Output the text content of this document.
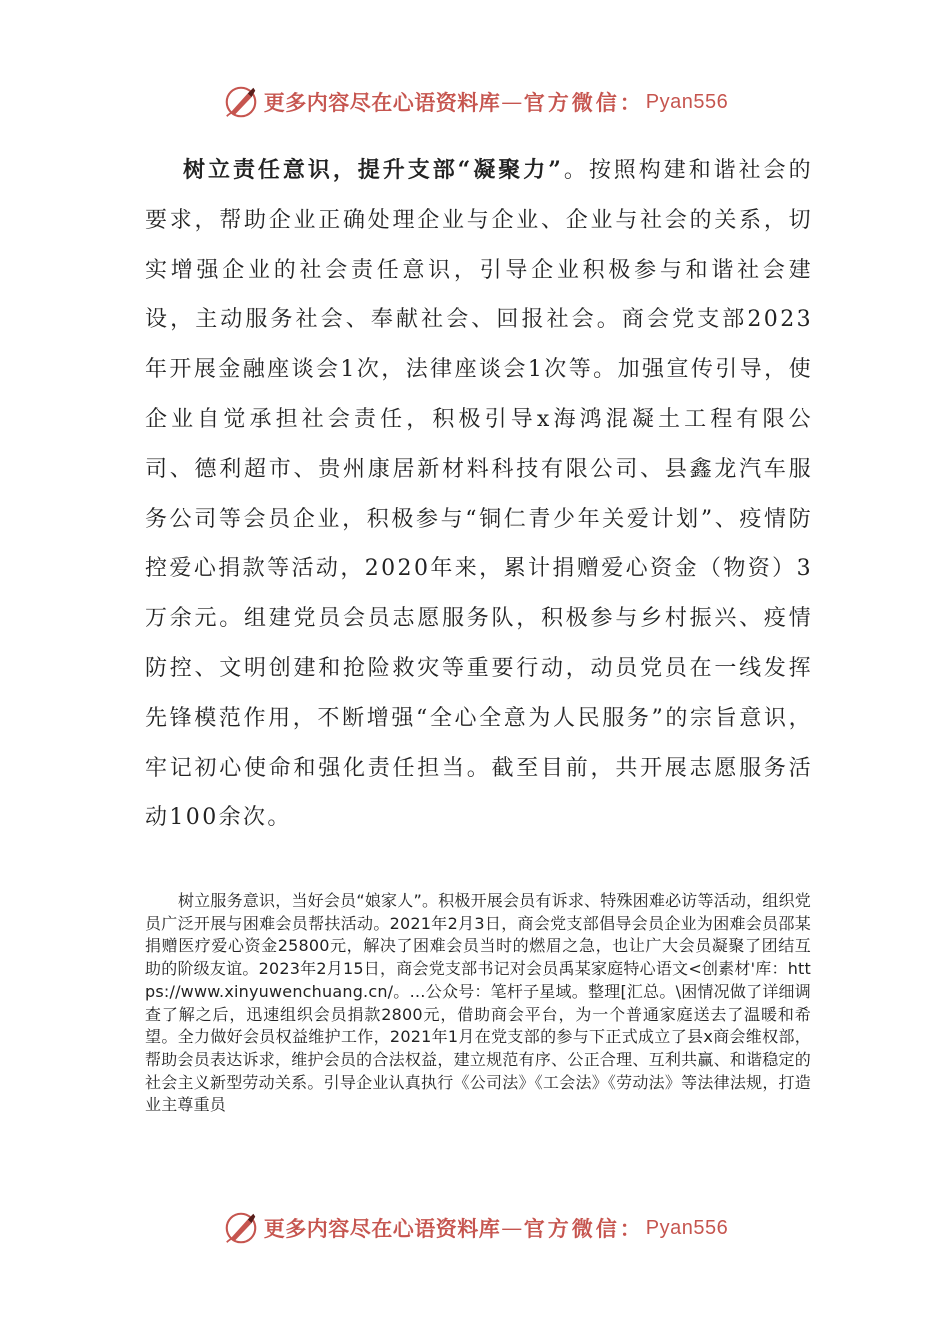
更多内容尽在心语资料库 — 官方微信： Pyan556

树立责任意识，提升支部“凝聚力”。按照构建和谐社会的要求，帮助企业正确处理企业与企业、企业与社会的关系，切实增强企业的社会责任意识，引导企业积极参与和谐社会建设，主动服务社会、奉献社会、回报社会。商会党支部2023年开展金融座谈会1次，法律座谈会1次等。加强宣传引导，使企业自觉承担社会责任，积极引导x海鸿混凝土工程有限公司、德利超市、贵州康居新材料科技有限公司、县鑫龙汽车服务公司等会员企业，积极参与“铜仁青少年关爱计划”、疫情防控爱心捐款等活动，2020年来，累计捐赠爱心资金（物资）3万余元。组建党员会员志愿服务队，积极参与乡村振兴、疫情防控、文明创建和抢险救灾等重要行动，动员党员在一线发挥先锋模范作用，不断增强“全心全意为人民服务”的宗旨意识，牢记初心使命和强化责任担当。截至目前，共开展志愿服务活动100余次。

树立服务意识，当好会员“娘家人”。积极开展会员有诉求、特殊困难必访等活动，组织党员广泛开展与困难会员帮扶活动。2021年2月3日，商会党支部倡导会员企业为困难会员邵某捐赠医疗爱心资金25800元，解决了困难会员当时的燃眉之急，也让广大会员凝聚了团结互助的阶级友谊。2023年2月15日，商会党支部书记对会员禹某家庭特心语文<创素材'库：https://www.xinyuwenchuang.cn/。…公众号：笔杆子星域。整理[汇总。\困情况做了详细调查了解之后，迅速组织会员捐款2800元，借助商会平台，为一个普通家庭送去了温暖和希望。全力做好会员权益维护工作，2021年1月在党支部的参与下正式成立了县x商会维权部，帮助会员表达诉求，维护会员的合法权益，建立规范有序、公正合理、互利共赢、和谐稳定的社会主义新型劳动关系。引导企业认真执行《公司法》《工会法》《劳动法》等法律法规，打造业主尊重员

更多内容尽在心语资料库 — 官方微信： Pyan556
